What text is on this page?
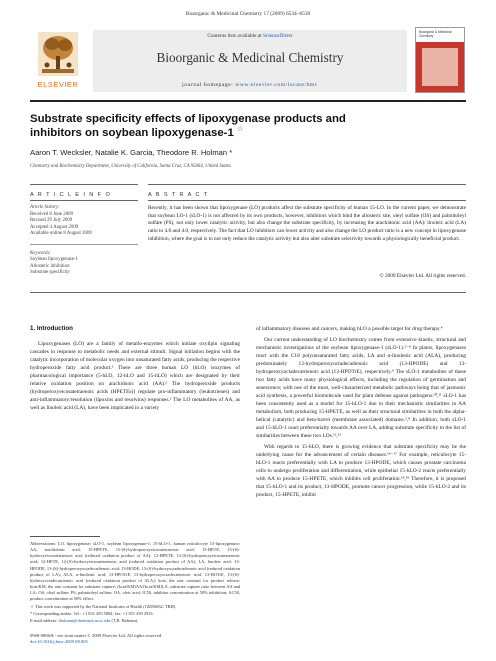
Bioorganic & Medicinal Chemistry 17 (2009) 6534–6539
ELSEVIER
Contents lists available at ScienceDirect
Bioorganic & Medicinal Chemistry
journal homepage: www.elsevier.com/locate/bmc
Bioorganic & Medicinal
Chemistry
Substrate specificity effects of lipoxygenase products and inhibitors on soybean lipoxygenase-1 ☆
Aaron T. Wecksler, Natalie K. Garcia, Theodore R. Holman *
Chemistry and Biochemistry Department, University of California, Santa Cruz, CA 95064, United States
A R T I C L E I N F O	A B S T R A C T
Article history:
Received 8 June 2009
Revised 29 July 2009
Accepted 4 August 2009
Available online 8 August 2009
Keywords:
Soybean lipoxygenase-1
Allosteric inhibition
Substrate specificity
Recently, it has been shown that lipoxygenase (LO) products affect the substrate specificity of human 15-LO. In the current paper, we demonstrate that soybean LO-1 (sLO-1) is not affected by its own products, however, inhibitors which bind the allosteric site, oleyl sulfate (OS) and palmitoleyl sulfate (PS), not only lower catalytic activity, but also change the substrate specificity, by increasing the arachidonic acid (AA)/ linoleic acid (LA) ratio to 4.8 and 4.0, respectively. The fact that LO inhibitors can lower activity and also change the LO product ratio is a new concept in lipoxygenase inhibition, where the goal is to not only reduce the catalytic activity but also alter substrate selectivity towards a physiologically beneficial product.
© 2009 Elsevier Ltd. All rights reserved.
1. Introduction

Lipoxygenases (LO) are a family of metallo-enzymes which initiate oxylipin signaling cascades in response to metabolic needs and external stimuli. Signal initiation begins with the catalytic incorporation of molecular oxygen into unsaturated fatty acids, producing the respective hydroperoxide fatty acid product.¹ There are three human LO (hLO) isozymes of pharmacological importance (5-hLO, 12-hLO and 15-hLO) which are designated by their relative oxidation position on arachidonic acid (AA).² The hydroperoxide products (hydroperoxyeicosatetraenoic acids (HPETEs)) regulate pro-inflammatory (leukotrienes) and anti-inflammatory/resolution (lipoxins and resolvins) responses.³ The LO metabolites of AA, as well as linoleic acid (LA), have been implicated in a variety

of inflammatory diseases and cancers, making hLO a possible target for drug therapy.⁴

Our current understanding of LO biochemistry comes from extensive kinetic, structural and mechanistic investigations of the soybean lipoxygenase-1 (sLO-1).⁵⁻⁸ In plants, lipoxygenases react with the C18 polyunsaturated fatty acids, LA and α-linolenic acid (ALA), producing predominately 13-hydroperoxyoctadecadienoic acid (13-HPODE) and 13-hydroperoxyoctadecatrienoic acid (13-HPOTrE), respectively.⁹ The sLO-1 metabolites of these two fatty acids have many physiological effects, including the regulation of germination and senescence; with one of the most, well-characterized metabolic pathways being that of jasmonic acid synthesis, a powerful biomolecule used for plant defense against pathogens.¹⁰,¹¹ sLO-1 has been consistently used as a model for 15-hLO-1 due to their mechanistic similarities in AA metabolism, both producing 15-HPETE, as well as their structural similarities in both the alpha-helical (catalytic) and beta-barrel (membrane associated) domains.⁵,⁸ In addition, both sLO-1 and 15-hLO-1 react preferentially towards AA over LA, adding substrate specificity to the list of similarities between these two LOs.¹²,¹³

With regards to 15-hLO, there is growing evidence that substrate specificity may be the underlying cause for the advancement of certain diseases.¹⁴⁻¹⁷ For example, reticulocyte 15-hLO-1 reacts preferentially with LA to produce 13-HPODE, which causes prostate carcinoma cells to undergo proliferation and differentiation, while epithelial 15-hLO-2 reacts preferentially with AA to produce 15-HPETE, which inhibits cell proliferation.¹⁸,¹⁹ Therefore, it is proposed that 15-hLO-1 and its product, 13-HPODE, promote cancer progression, while 15-hLO-2 and its product, 15-HPETE, inhibit

Abbreviations: LO, lipoxygenase; sLO-1, soybean lipoxygenase-1; 15-hLO-1, human reticulocyte 15-lipoxygenase; AA, arachidonic acid; 15-HPETE, 15-(S)-hydroperoxyeicosatetraenoic acid; 15-HETE, 15-(S)-hydroxyeicosatetraenoic acid (reduced oxidation product of AA); 12-HPETE, 12-(S)-hydroperoxyeicosatetraenoic acid; 12-HETE, 12-(S)-hydroxyeicosatetraenoic acid (reduced oxidation product of AA); LA, linoleic acid; 13-HPODE, 13-(S)-hydroperoxyoctadecadienoic acid; 13-HODE, 13-(S)-hydroxyoctadecadienoic acid (reduced oxidation product of LA); ALA, α-linolenic acid; 13-HPOTrE, 13-hydroperoxyoctadecatrienoic acid; 13-HOTrE, 13-(S)-hydroxyoctadecatrienoic acid (reduced oxidation product of ALA); kcat, the rate constant for product release; kcat/KM, the rate constant for substrate capture; (kcat/KM)AA/(kcat/KM)LA, substrate capture ratio between AA and LA; OS, oleyl sulfate; PS, palmitoleyl sulfate; OA, oleic acid; IC50, inhibitor concentration at 50% inhibition; AC50, product concentration at 50% effect.

☆ This work was supported by the National Institutes of Health (GM56062, TRH).

* Corresponding author. Tel.: +1 831 459 5884; fax: +1 831 459 2935.

E-mail address: tholman@chemistry.ucsc.edu (T.R. Holman).

0968-0896/$ - see front matter © 2009 Elsevier Ltd. All rights reserved.
doi:10.1016/j.bmc.2009.08.005
